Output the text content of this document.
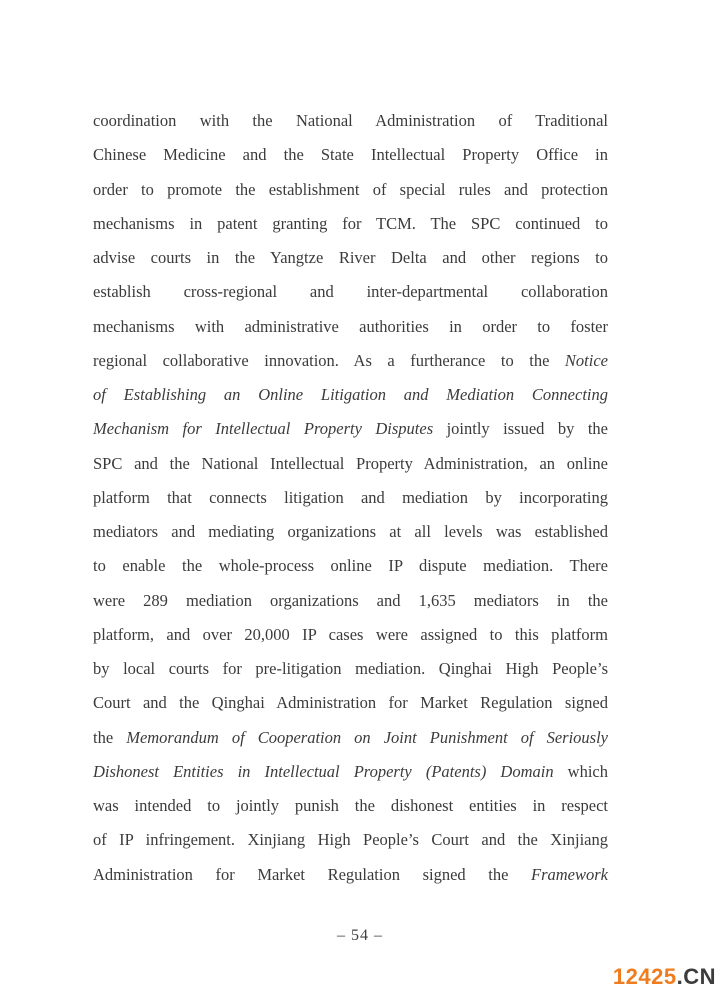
coordination with the National Administration of Traditional
Chinese Medicine and the State Intellectual Property Office in
order to promote the establishment of special rules and protection
mechanisms in patent granting for TCM. The SPC continued to
advise courts in the Yangtze River Delta and other regions to
establish cross-regional and inter-departmental collaboration
mechanisms with administrative authorities in order to foster
regional collaborative innovation. As a furtherance to the Notice
of Establishing an Online Litigation and Mediation Connecting
Mechanism for Intellectual Property Disputes jointly issued by the
SPC and the National Intellectual Property Administration, an online
platform that connects litigation and mediation by incorporating
mediators and mediating organizations at all levels was established
to enable the whole-process online IP dispute mediation. There
were 289 mediation organizations and 1,635 mediators in the
platform, and over 20,000 IP cases were assigned to this platform
by local courts for pre-litigation mediation. Qinghai High People’s
Court and the Qinghai Administration for Market Regulation signed
the Memorandum of Cooperation on Joint Punishment of Seriously
Dishonest Entities in Intellectual Property (Patents) Domain which
was intended to jointly punish the dishonest entities in respect
of IP infringement. Xinjiang High People’s Court and the Xinjiang
Administration for Market Regulation signed the Framework
– 54 –
12425.CN
